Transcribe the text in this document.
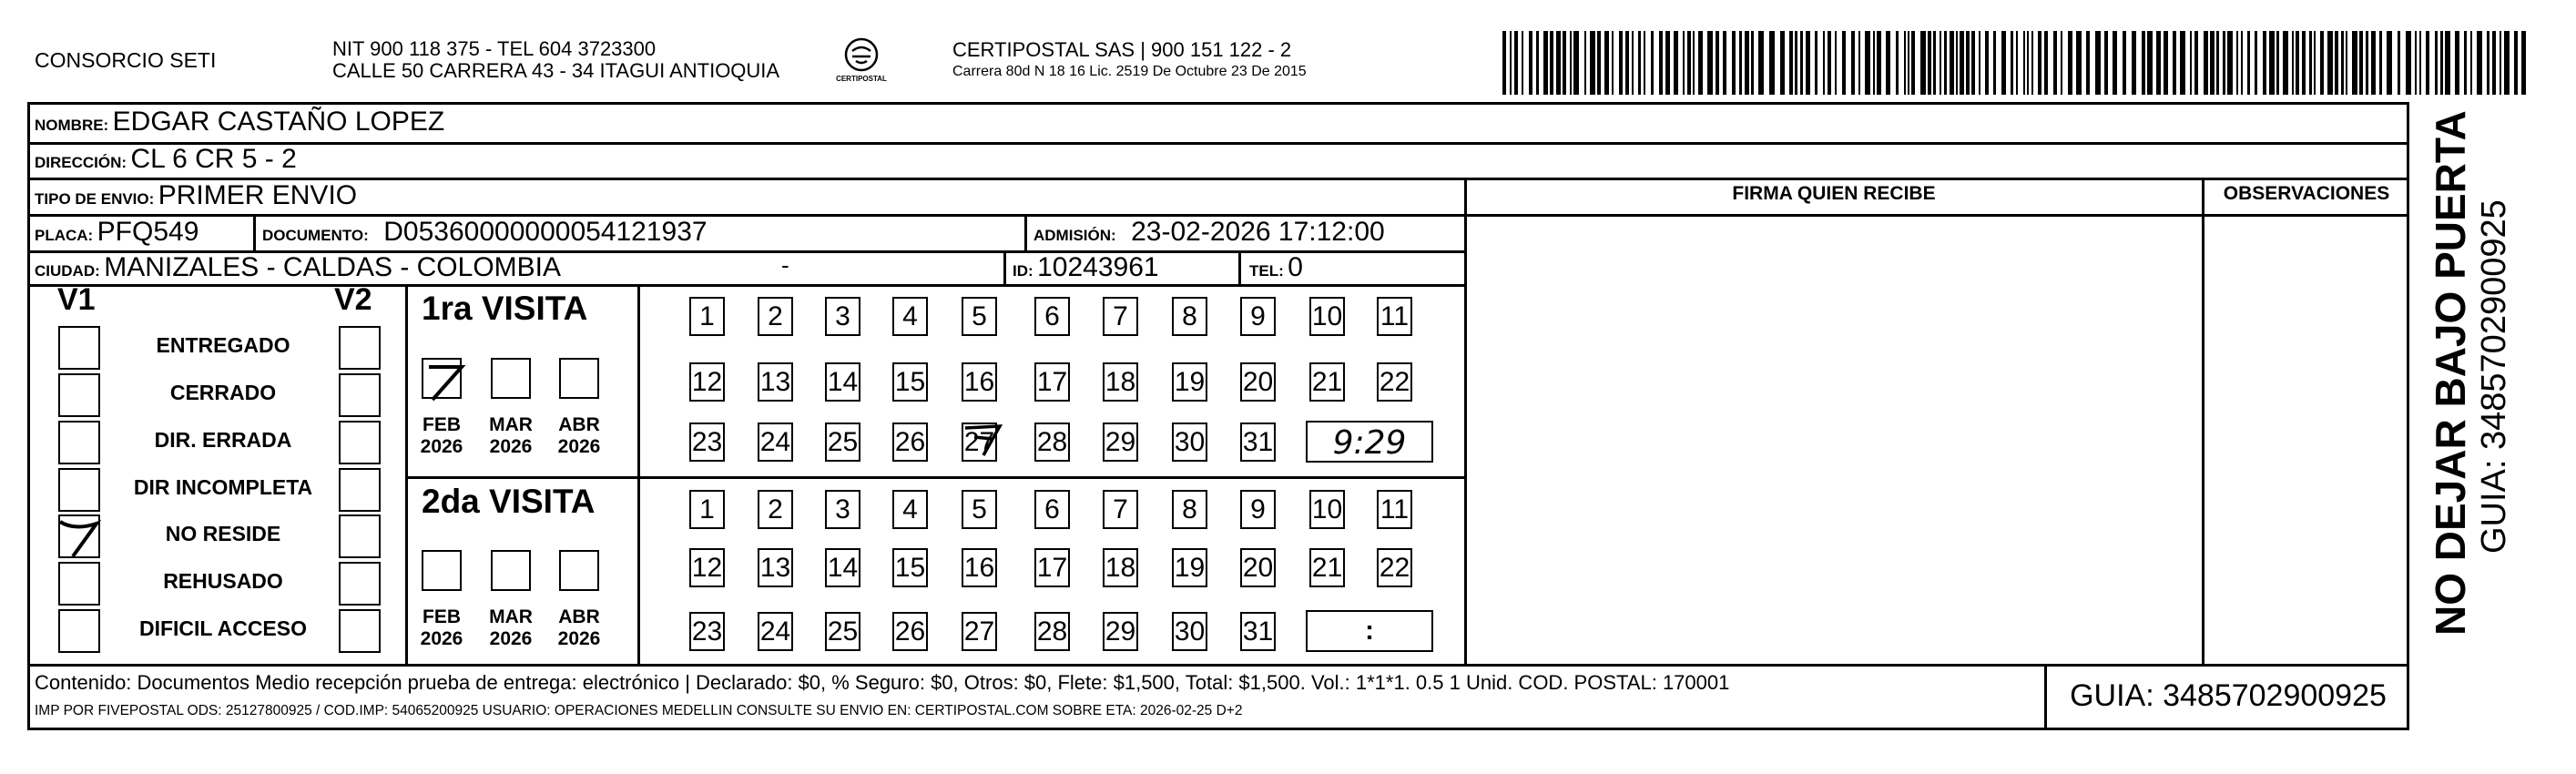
CONSORCIO SETI	NIT 900 118 375 - TEL 604 3723300
CALLE 50 CARRERA 43 - 34 ITAGUI ANTIOQUIA	CERTIPOSTAL
CERTIPOSTAL SAS | 900 151 122 - 2
Carrera 80d N 18 16 Lic. 2519 De Octubre 23 De 2015
NOMBRE: EDGAR CASTAÑO LOPEZ
DIRECCIÓN: CL 6 CR 5 - 2
TIPO DE ENVIO: PRIMER ENVIO
PLACA: PFQ549	DOCUMENTO: D05360000000054121937	ADMISIÓN: 23-02-2026 17:12:00
CIUDAD: MANIZALES - CALDAS - COLOMBIA	-	ID: 10243961	TEL: 0
FIRMA QUIEN RECIBE	OBSERVACIONES
V1	V2
ENTREGADO
CERRADO
DIR. ERRADA
DIR INCOMPLETA
NO RESIDE
REHUSADO
DIFICIL ACCESO
1ra VISITA
2da VISITA
FEB
2026
MAR
2026
ABR
2026
FEB
2026
MAR
2026
ABR
2026
1	2	3	4	5	6	7	8	9	10 11
12 13 14 15 16 17 18 19 20 21 22
23 24 25 26 27 28 29 30 31
1	2	3	4	5	6	7	8	9	10 11
12 13 14 15 16 17 18 19 20 21 22
23 24 25 26 27 28 29 30 31
9:29
:
Contenido: Documentos Medio recepción prueba de entrega: electrónico | Declarado: $0, % Seguro: $0, Otros: $0, Flete: $1,500, Total: $1,500. Vol.: 1*1*1. 0.5 1 Unid. COD. POSTAL: 170001
IMP POR FIVEPOSTAL ODS: 25127800925 / COD.IMP: 54065200925 USUARIO: OPERACIONES MEDELLIN CONSULTE SU ENVIO EN: CERTIPOSTAL.COM SOBRE ETA: 2026-02-25 D+2	GUIA: 3485702900925
NO DEJAR BAJO PUERTA GUIA: 3485702900925
